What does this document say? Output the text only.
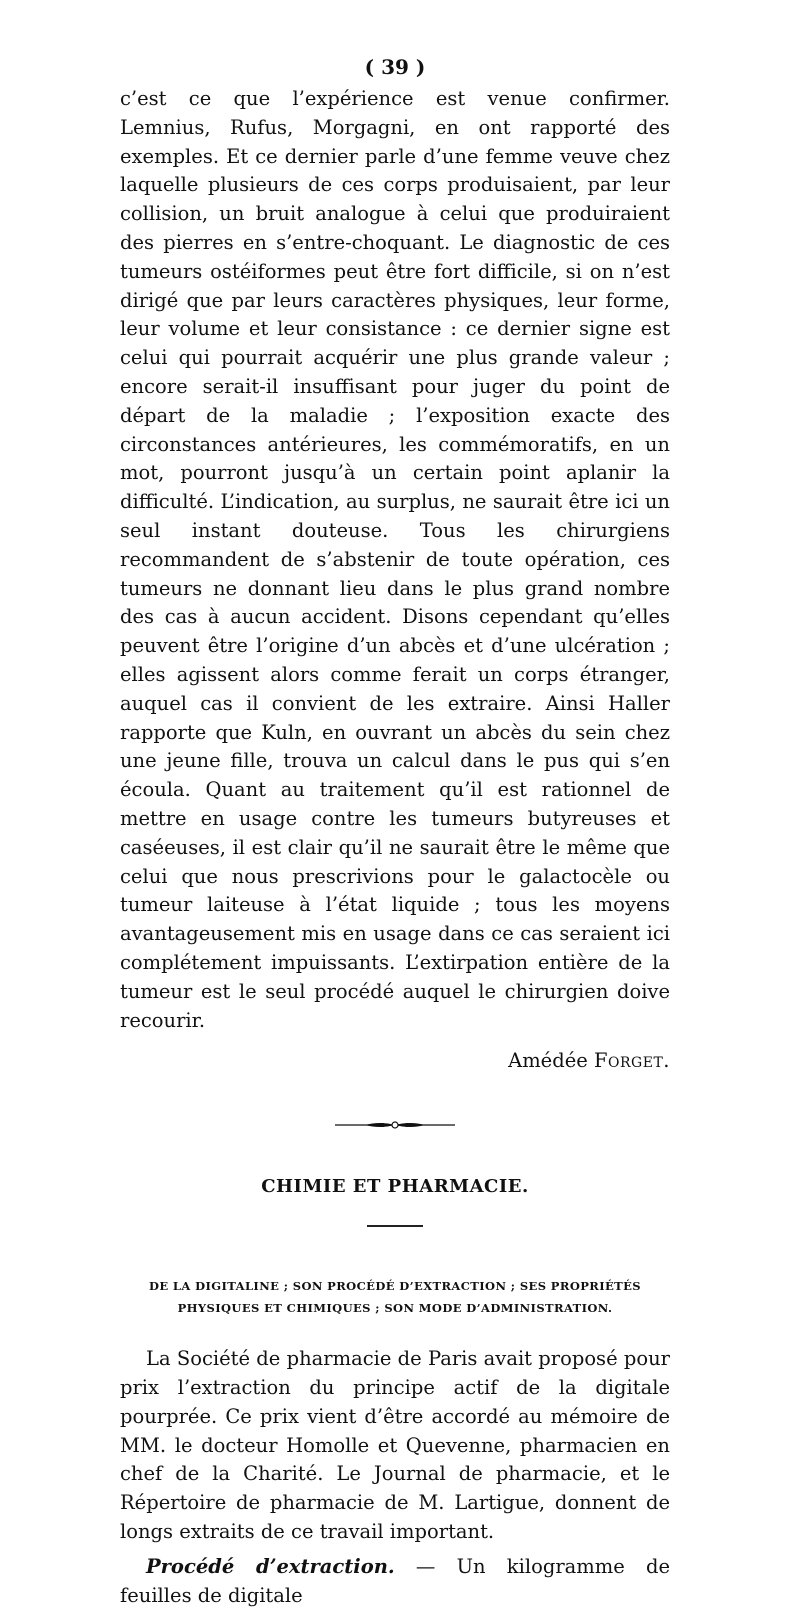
( 39 )

c’est ce que l’expérience est venue confirmer. Lemnius, Rufus, Morgagni, en ont rapporté des exemples. Et ce dernier parle d’une femme veuve chez laquelle plusieurs de ces corps produisaient, par leur collision, un bruit analogue à celui que produiraient des pierres en s’entre-choquant. Le diagnostic de ces tumeurs ostéiformes peut être fort difficile, si on n’est dirigé que par leurs caractères physiques, leur forme, leur volume et leur consistance : ce dernier signe est celui qui pourrait acquérir une plus grande valeur ; encore serait-il insuffisant pour juger du point de départ de la maladie ; l’exposition exacte des circonstances antérieures, les commémoratifs, en un mot, pourront jusqu’à un certain point aplanir la difficulté. L’indication, au surplus, ne saurait être ici un seul instant douteuse. Tous les chirurgiens recommandent de s’abstenir de toute opération, ces tumeurs ne donnant lieu dans le plus grand nombre des cas à aucun accident. Disons cependant qu’elles peuvent être l’origine d’un abcès et d’une ulcération ; elles agissent alors comme ferait un corps étranger, auquel cas il convient de les extraire. Ainsi Haller rapporte que Kuln, en ouvrant un abcès du sein chez une jeune fille, trouva un calcul dans le pus qui s’en écoula. Quant au traitement qu’il est rationnel de mettre en usage contre les tumeurs butyreuses et caséeuses, il est clair qu’il ne saurait être le même que celui que nous prescrivions pour le galactocèle ou tumeur laiteuse à l’état liquide ; tous les moyens avantageusement mis en usage dans ce cas seraient ici complétement impuissants. L’extirpation entière de la tumeur est le seul procédé auquel le chirurgien doive recourir.

Amédée Forget.
CHIMIE ET PHARMACIE.
DE LA DIGITALINE ; SON PROCÉDÉ D’EXTRACTION ; SES PROPRIÉTÉS PHYSIQUES ET CHIMIQUES ; SON MODE D’ADMINISTRATION.

La Société de pharmacie de Paris avait proposé pour prix l’extraction du principe actif de la digitale pourprée. Ce prix vient d’être accordé au mémoire de MM. le docteur Homolle et Quevenne, pharmacien en chef de la Charité. Le Journal de pharmacie, et le Répertoire de pharmacie de M. Lartigue, donnent de longs extraits de ce travail important.

Procédé d’extraction. — Un kilogramme de feuilles de digitale
